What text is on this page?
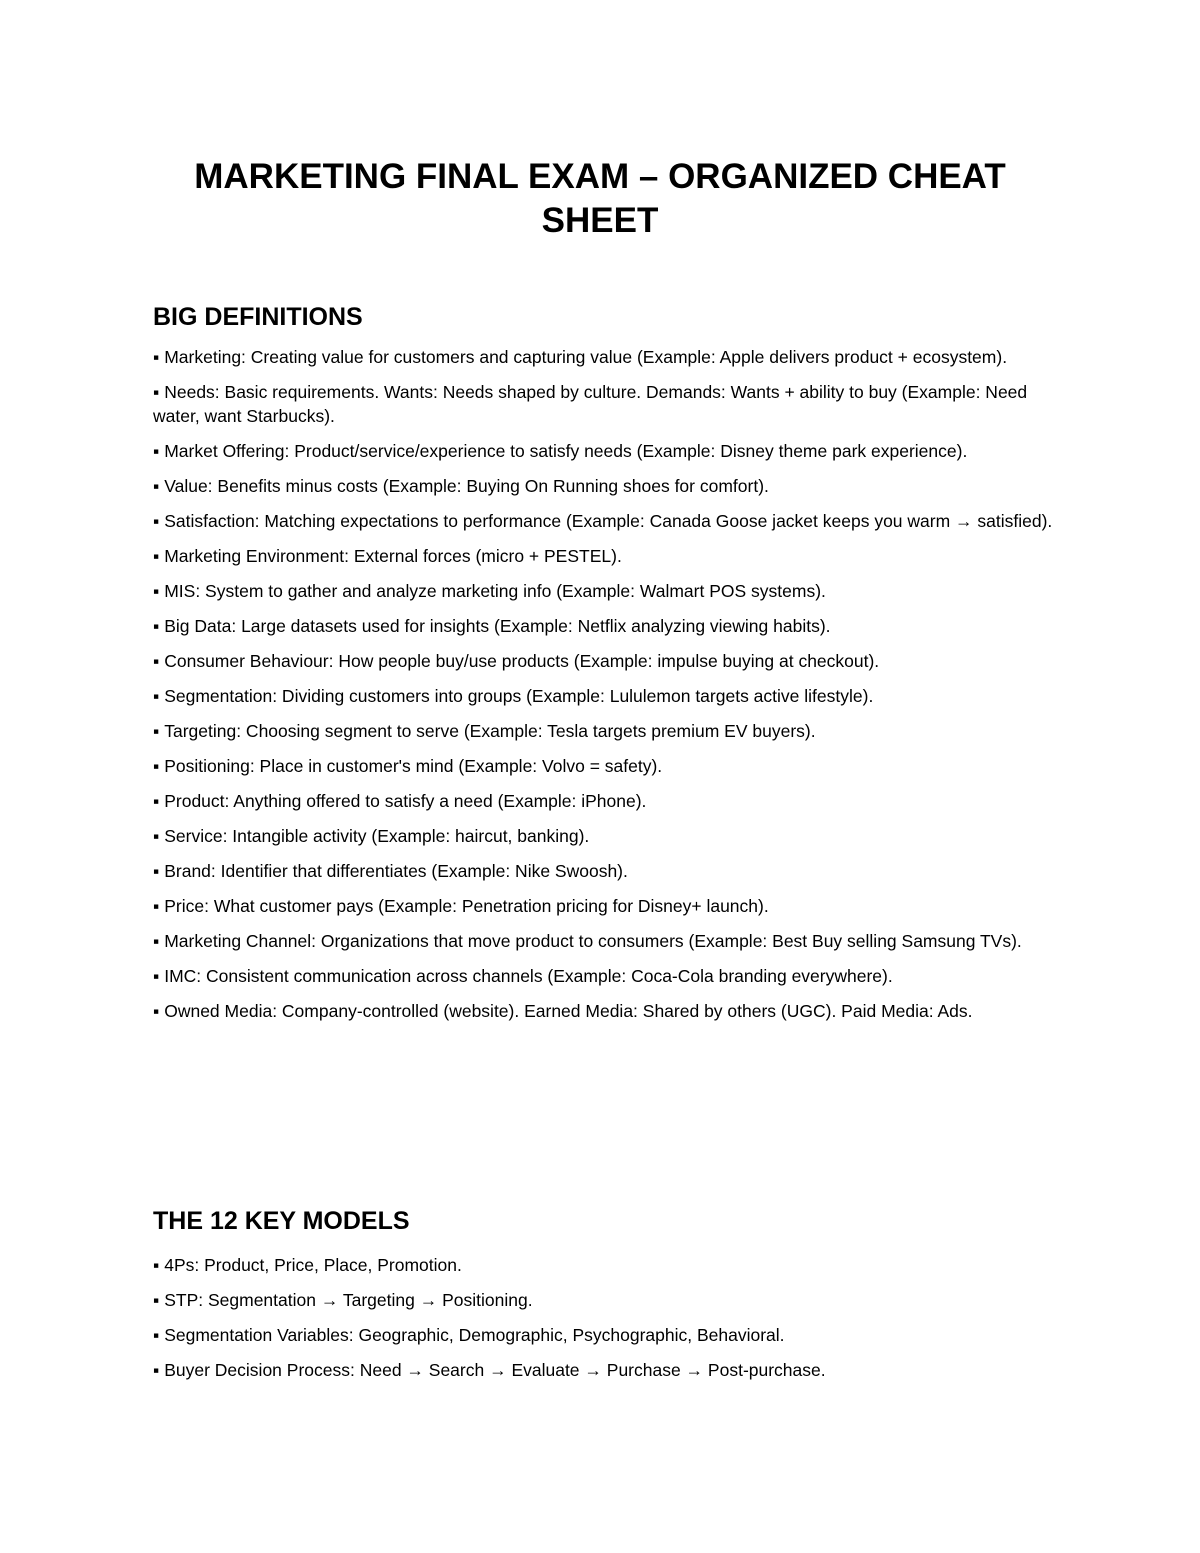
MARKETING FINAL EXAM – ORGANIZED CHEAT SHEET
BIG DEFINITIONS
▪ Marketing: Creating value for customers and capturing value (Example: Apple delivers product + ecosystem).
▪ Needs: Basic requirements. Wants: Needs shaped by culture. Demands: Wants + ability to buy (Example: Need water, want Starbucks).
▪ Market Offering: Product/service/experience to satisfy needs (Example: Disney theme park experience).
▪ Value: Benefits minus costs (Example: Buying On Running shoes for comfort).
▪ Satisfaction: Matching expectations to performance (Example: Canada Goose jacket keeps you warm → satisfied).
▪ Marketing Environment: External forces (micro + PESTEL).
▪ MIS: System to gather and analyze marketing info (Example: Walmart POS systems).
▪ Big Data: Large datasets used for insights (Example: Netflix analyzing viewing habits).
▪ Consumer Behaviour: How people buy/use products (Example: impulse buying at checkout).
▪ Segmentation: Dividing customers into groups (Example: Lululemon targets active lifestyle).
▪ Targeting: Choosing segment to serve (Example: Tesla targets premium EV buyers).
▪ Positioning: Place in customer's mind (Example: Volvo = safety).
▪ Product: Anything offered to satisfy a need (Example: iPhone).
▪ Service: Intangible activity (Example: haircut, banking).
▪ Brand: Identifier that differentiates (Example: Nike Swoosh).
▪ Price: What customer pays (Example: Penetration pricing for Disney+ launch).
▪ Marketing Channel: Organizations that move product to consumers (Example: Best Buy selling Samsung TVs).
▪ IMC: Consistent communication across channels (Example: Coca-Cola branding everywhere).
▪ Owned Media: Company-controlled (website). Earned Media: Shared by others (UGC). Paid Media: Ads.
THE 12 KEY MODELS
▪ 4Ps: Product, Price, Place, Promotion.
▪ STP: Segmentation → Targeting → Positioning.
▪ Segmentation Variables: Geographic, Demographic, Psychographic, Behavioral.
▪ Buyer Decision Process: Need → Search → Evaluate → Purchase → Post-purchase.
